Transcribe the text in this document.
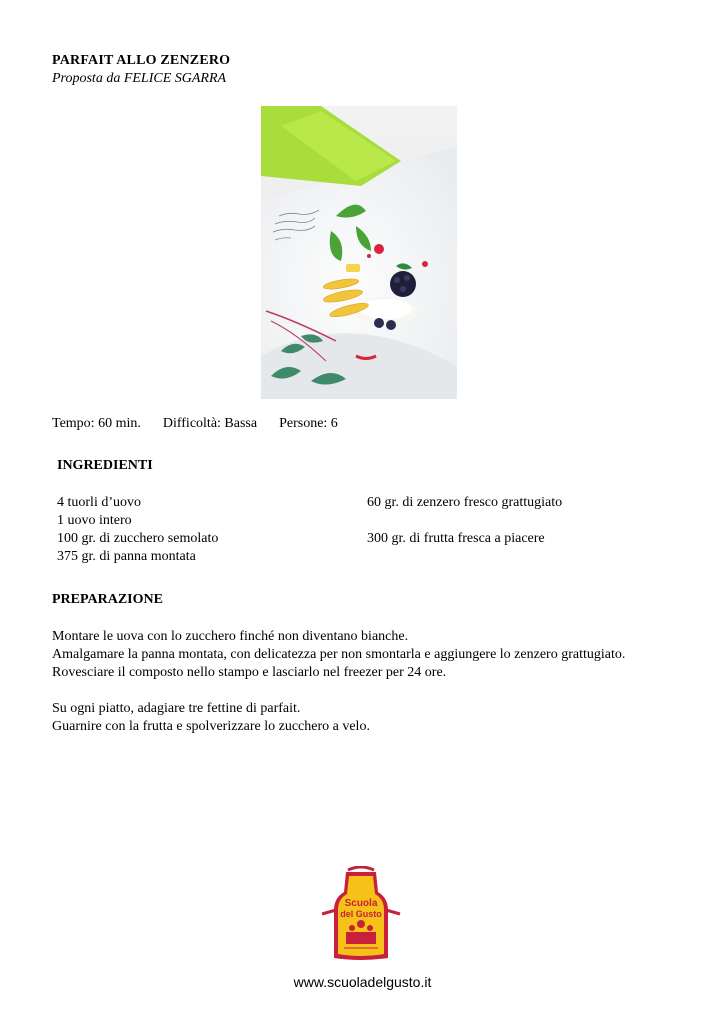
PARFAIT ALLO ZENZERO
Proposta da FELICE SGARRA
Tempo: 60 min. Difficoltà: Bassa Persone: 6
INGREDIENTI
4 tuorli d’uovo
1 uovo intero
100 gr. di zucchero semolato
375 gr. di panna montata
60 gr. di zenzero fresco grattugiato
300 gr. di frutta fresca a piacere
PREPARAZIONE

Montare le uova con lo zucchero finché non diventano bianche.

Amalgamare la panna montata, con delicatezza per non smontarla e aggiungere lo zenzero grattugiato.

Rovesciare il composto nello stampo e lasciarlo nel freezer per 24 ore.

Su ogni piatto, adagiare tre fettine di parfait.

Guarnire con la frutta e spolverizzare lo zucchero a velo.

Scuola
del Gusto
www.scuoladelgusto.it
